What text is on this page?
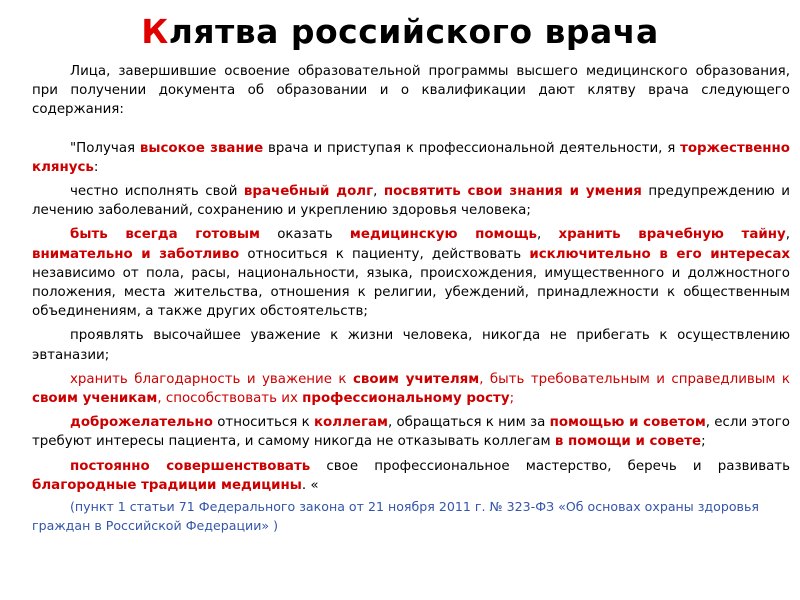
Клятва российского врача

Лица, завершившие освоение образовательной программы высшего медицинского образования, при получении документа об образовании и о квалификации дают клятву врача следующего содержания:

"Получая высокое звание врача и приступая к профессиональной деятельности, я торжественно клянусь:

честно исполнять свой врачебный долг, посвятить свои знания и умения предупреждению и лечению заболеваний, сохранению и укреплению здоровья человека;

быть всегда готовым оказать медицинскую помощь, хранить врачебную тайну, внимательно и заботливо относиться к пациенту, действовать исключительно в его интересах независимо от пола, расы, национальности, языка, происхождения, имущественного и должностного положения, места жительства, отношения к религии, убеждений, принадлежности к общественным объединениям, а также других обстоятельств;

проявлять высочайшее уважение к жизни человека, никогда не прибегать к осуществлению эвтаназии;

хранить благодарность и уважение к своим учителям, быть требовательным и справедливым к своим ученикам, способствовать их профессиональному росту;

доброжелательно относиться к коллегам, обращаться к ним за помощью и советом, если этого требуют интересы пациента, и самому никогда не отказывать коллегам в помощи и совете;

постоянно совершенствовать свое профессиональное мастерство, беречь и развивать благородные традиции медицины. «

(пункт 1 статьи 71 Федерального закона от 21 ноября 2011 г. № 323-ФЗ «Об основах охраны здоровья граждан в Российской Федерации» )
